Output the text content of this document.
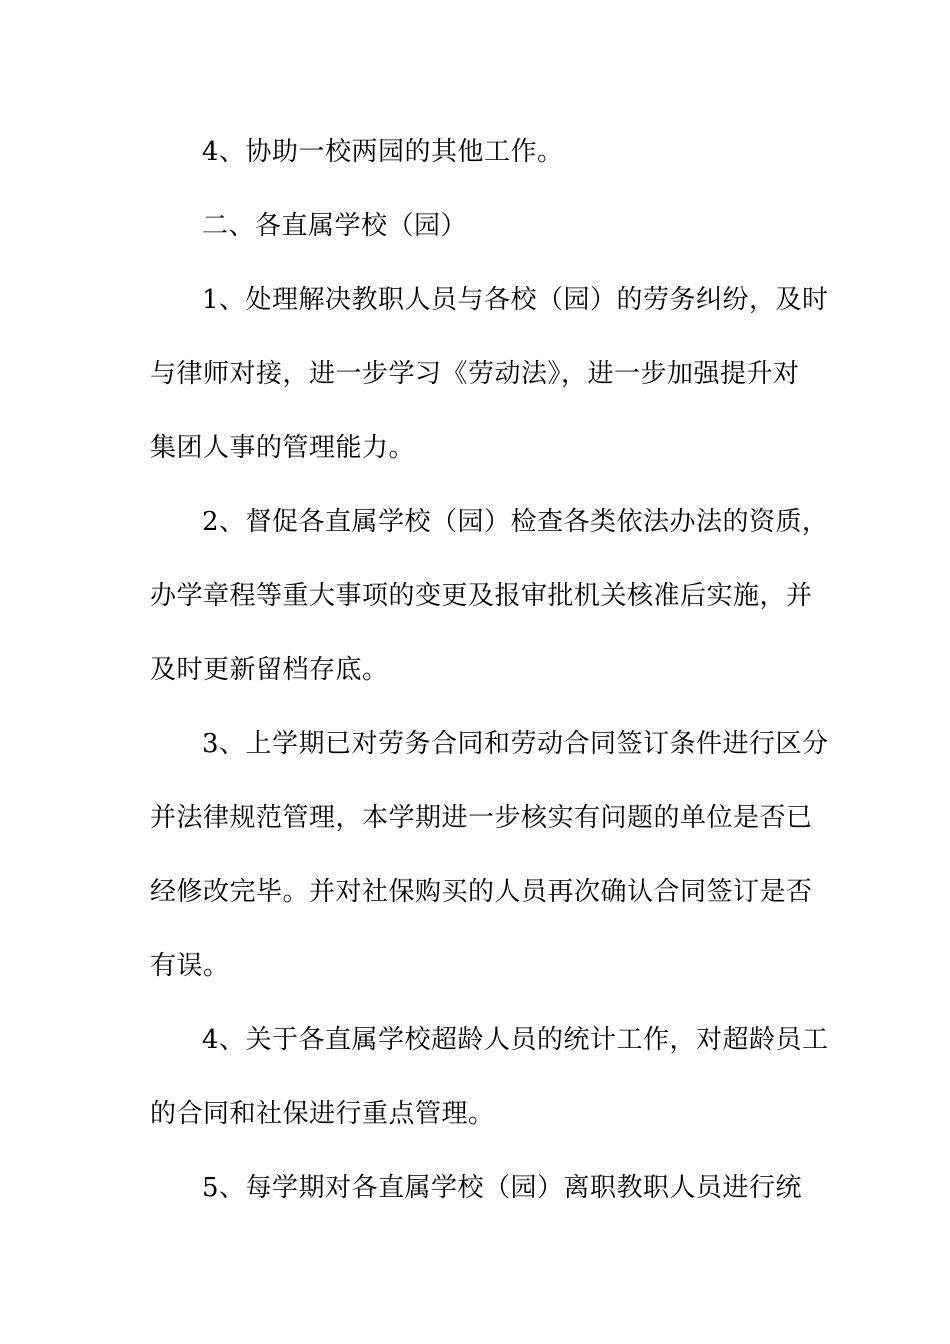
4、协助一校两园的其他工作。

二、各直属学校（园）

1、处理解决教职人员与各校（园）的劳务纠纷，及时
与律师对接，进一步学习《劳动法》，进一步加强提升对
集团人事的管理能力。

2、督促各直属学校（园）检查各类依法办法的资质，
办学章程等重大事项的变更及报审批机关核准后实施，并
及时更新留档存底。

3、上学期已对劳务合同和劳动合同签订条件进行区分
并法律规范管理，本学期进一步核实有问题的单位是否已
经修改完毕。并对社保购买的人员再次确认合同签订是否
有误。

4、关于各直属学校超龄人员的统计工作，对超龄员工
的合同和社保进行重点管理。

5、每学期对各直属学校（园）离职教职人员进行统
